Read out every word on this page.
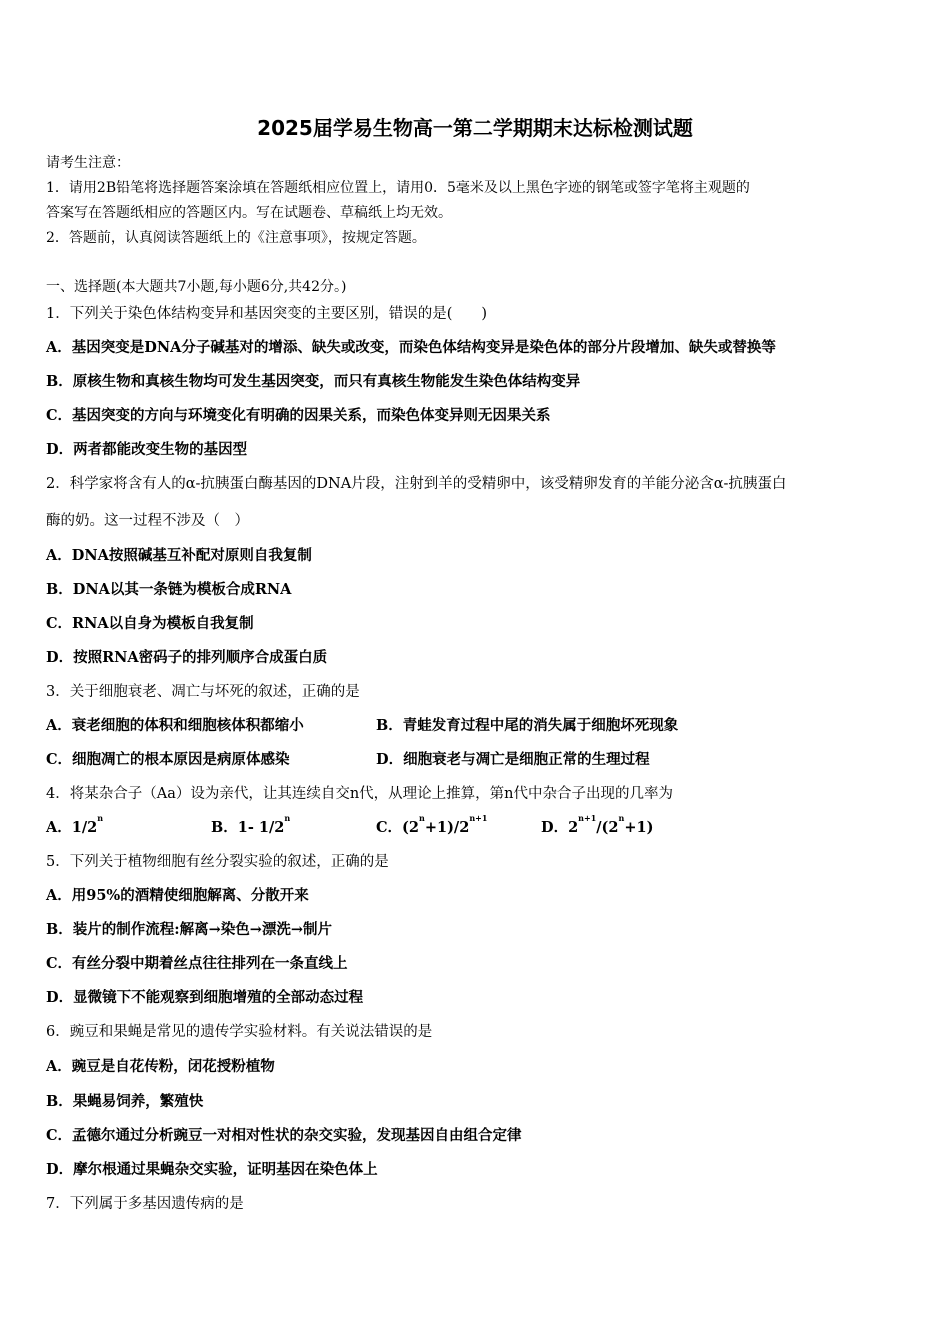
2025届学易生物高一第二学期期末达标检测试题
请考生注意：
1．请用2B铅笔将选择题答案涂填在答题纸相应位置上，请用0．5毫米及以上黑色字迹的钢笔或签字笔将主观题的
答案写在答题纸相应的答题区内。写在试题卷、草稿纸上均无效。
2．答题前，认真阅读答题纸上的《注意事项》，按规定答题。
一、选择题(本大题共7小题,每小题6分,共42分。)
1．下列关于染色体结构变异和基因突变的主要区别，错误的是(　　)
A．基因突变是DNA分子碱基对的增添、缺失或改变，而染色体结构变异是染色体的部分片段增加、缺失或替换等
B．原核生物和真核生物均可发生基因突变，而只有真核生物能发生染色体结构变异
C．基因突变的方向与环境变化有明确的因果关系，而染色体变异则无因果关系
D．两者都能改变生物的基因型
2．科学家将含有人的α-抗胰蛋白酶基因的DNA片段，注射到羊的受精卵中，该受精卵发育的羊能分泌含α-抗胰蛋白
酶的奶。这一过程不涉及（　）
A．DNA按照碱基互补配对原则自我复制
B．DNA以其一条链为模板合成RNA
C．RNA以自身为模板自我复制
D．按照RNA密码子的排列顺序合成蛋白质
3．关于细胞衰老、凋亡与坏死的叙述，正确的是
A．衰老细胞的体积和细胞核体积都缩小	B．青蛙发育过程中尾的消失属于细胞坏死现象
C．细胞凋亡的根本原因是病原体感染	D．细胞衰老与凋亡是细胞正常的生理过程
4．将某杂合子（Aa）设为亲代，让其连续自交n代，从理论上推算，第n代中杂合子出现的几率为
A．1/2$^n$
B．1- 1/2$^n$
C．$(2^n+1)/2^{n+1}$
D．$2^{n+1}/(2^n+1)$
5．下列关于植物细胞有丝分裂实验的叙述，正确的是
A．用95%的酒精使细胞解离、分散开来
B．装片的制作流程:解离→染色→漂洗→制片
C．有丝分裂中期着丝点往往排列在一条直线上
D．显微镜下不能观察到细胞增殖的全部动态过程
6．豌豆和果蝇是常见的遗传学实验材料。有关说法错误的是
A．豌豆是自花传粉，闭花授粉植物
B．果蝇易饲养，繁殖快
C．孟德尔通过分析豌豆一对相对性状的杂交实验，发现基因自由组合定律
D．摩尔根通过果蝇杂交实验，证明基因在染色体上
7．下列属于多基因遗传病的是
